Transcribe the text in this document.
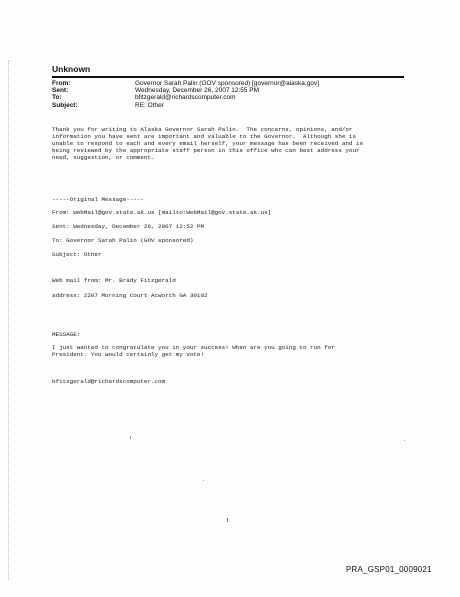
Unknown
From:	Governor Sarah Palin (GOV sponsored) [governor@alaska.gov]
Sent:	Wednesday, December 26, 2007 12:55 PM
To:	bfitzgerald@richardscomputer.com
Subject:	RE: Other
Thank you for writing to Alaska Governor Sarah Palin.  The concerns, opinions, and/or
information you have sent are important and valuable to the Governor.  Although she is
unable to respond to each and every email herself, your message has been received and is
being reviewed by the appropriate staff person in this office who can best address your
need, suggestion, or comment.
-----Original Message-----
From: WebMail@gov.state.ak.us [mailto:WebMail@gov.state.ak.us]
Sent: Wednesday, December 26, 2007 12:52 PM
To: Governor Sarah Palin (GOV sponsored)
Subject: Other
Web mail from: Mr. Brady Fitzgerald
address: 2207 Morning Court Acworth GA 30102
MESSAGE:
I just wanted to congratulate you in your success! When are you going to run for
President. You would certainly get my vote!
bfitzgerald@richardscomputer.com
1
PRA_GSP01_0009021
